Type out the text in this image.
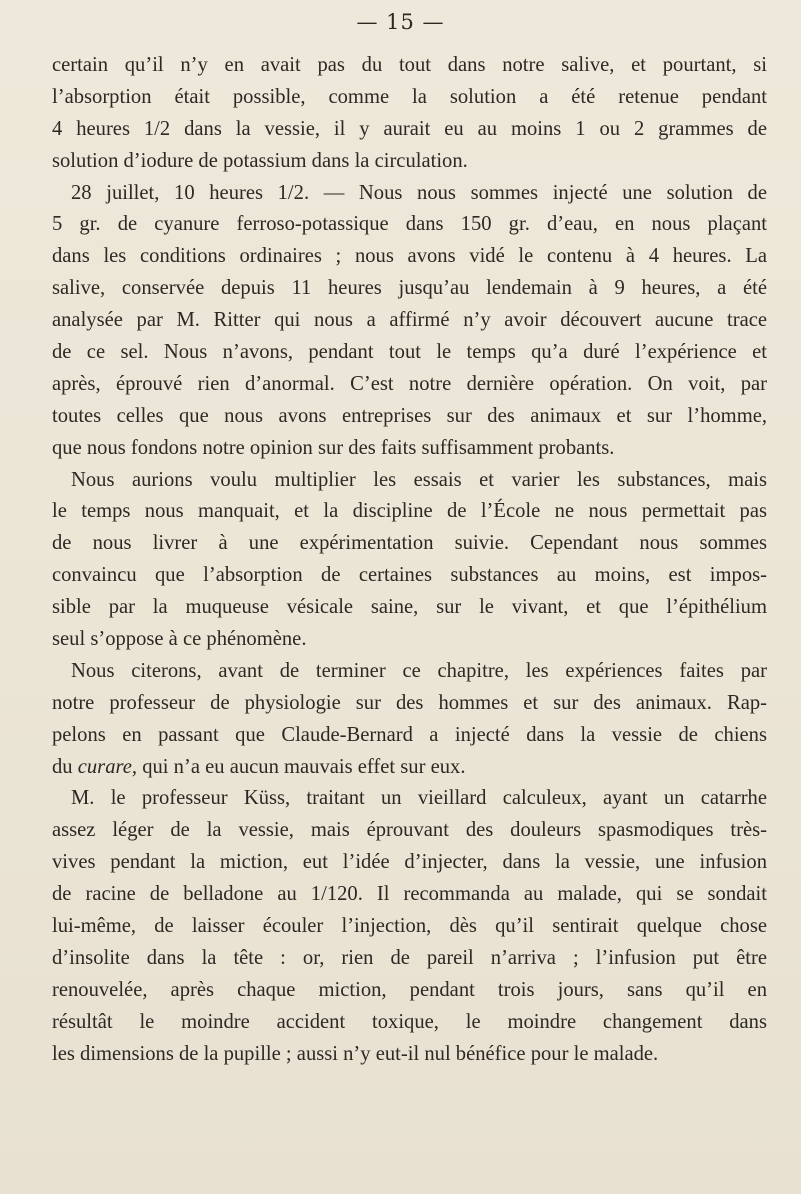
— 15 —
certain qu’il n’y en avait pas du tout dans notre salive, et pourtant, si
l’absorption était possible, comme la solution a été retenue pendant
4 heures 1/2 dans la vessie, il y aurait eu au moins 1 ou 2 grammes de
solution d’iodure de potassium dans la circulation.
28 juillet, 10 heures 1/2. — Nous nous sommes injecté une solution de
5 gr. de cyanure ferroso-potassique dans 150 gr. d’eau, en nous plaçant
dans les conditions ordinaires ; nous avons vidé le contenu à 4 heures. La
salive, conservée depuis 11 heures jusqu’au lendemain à 9 heures, a été
analysée par M. Ritter qui nous a affirmé n’y avoir découvert aucune trace
de ce sel. Nous n’avons, pendant tout le temps qu’a duré l’expérience et
après, éprouvé rien d’anormal. C’est notre dernière opération. On voit, par
toutes celles que nous avons entreprises sur des animaux et sur l’homme,
que nous fondons notre opinion sur des faits suffisamment probants.
Nous aurions voulu multiplier les essais et varier les substances, mais
le temps nous manquait, et la discipline de l’École ne nous permettait pas
de nous livrer à une expérimentation suivie. Cependant nous sommes
convaincu que l’absorption de certaines substances au moins, est impos-
sible par la muqueuse vésicale saine, sur le vivant, et que l’épithélium
seul s’oppose à ce phénomène.
Nous citerons, avant de terminer ce chapitre, les expériences faites par
notre professeur de physiologie sur des hommes et sur des animaux. Rap-
pelons en passant que Claude-Bernard a injecté dans la vessie de chiens
du curare, qui n’a eu aucun mauvais effet sur eux.
M. le professeur Küss, traitant un vieillard calculeux, ayant un catarrhe
assez léger de la vessie, mais éprouvant des douleurs spasmodiques très-
vives pendant la miction, eut l’idée d’injecter, dans la vessie, une infusion
de racine de belladone au 1/120. Il recommanda au malade, qui se sondait
lui-même, de laisser écouler l’injection, dès qu’il sentirait quelque chose
d’insolite dans la tête : or, rien de pareil n’arriva ; l’infusion put être
renouvelée, après chaque miction, pendant trois jours, sans qu’il en
résultât le moindre accident toxique, le moindre changement dans
les dimensions de la pupille ; aussi n’y eut-il nul bénéfice pour le malade.
